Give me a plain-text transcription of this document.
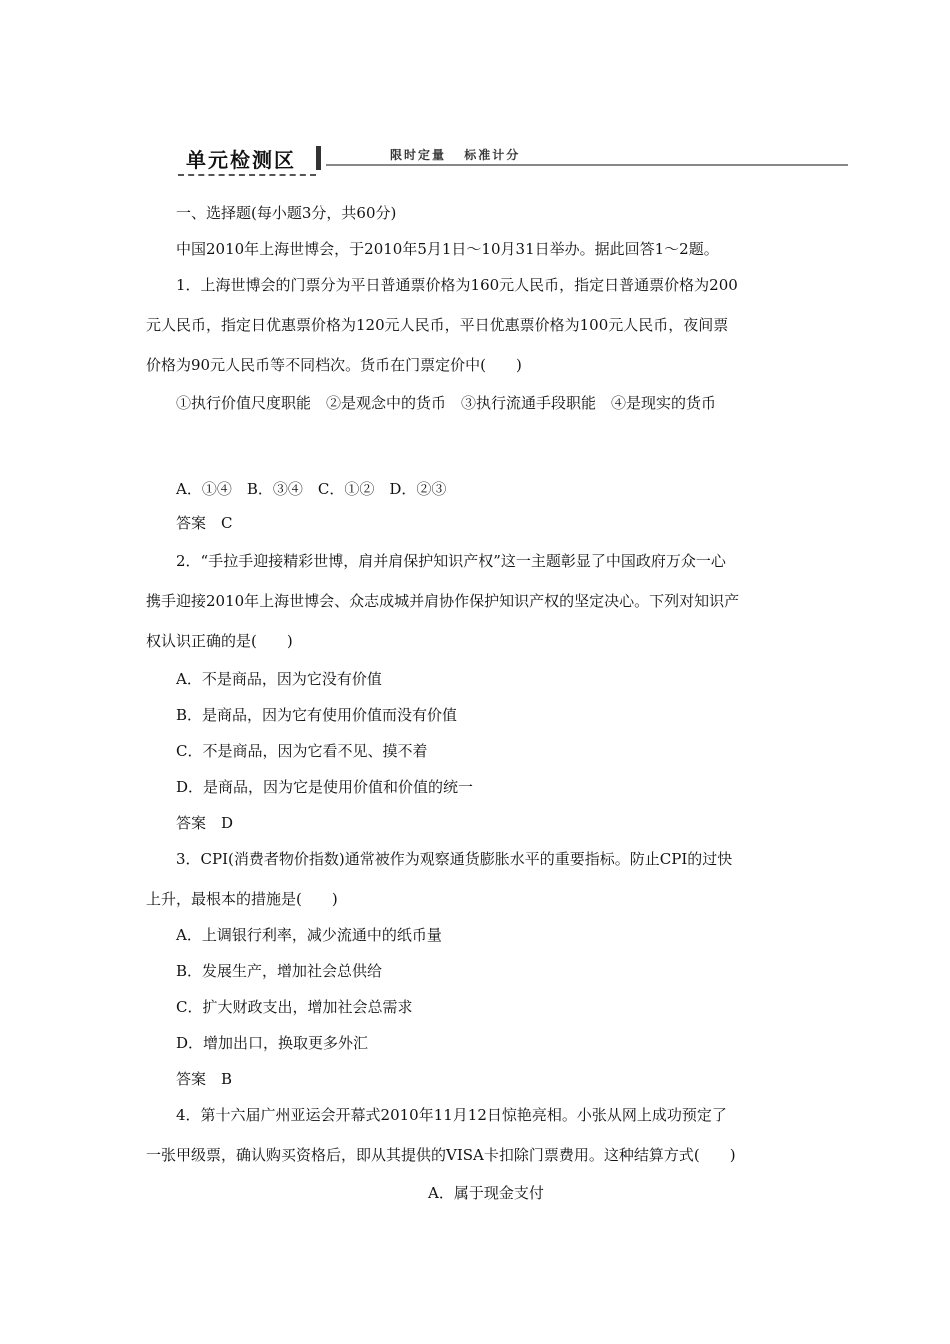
单元检测区	限时定量 标准计分
一、选择题(每小题3分，共60分)
中国2010年上海世博会，于2010年5月1日～10月31日举办。据此回答1～2题。
1．上海世博会的门票分为平日普通票价格为160元人民币，指定日普通票价格为200
元人民币，指定日优惠票价格为120元人民币，平日优惠票价格为100元人民币，夜间票
价格为90元人民币等不同档次。货币在门票定价中(　　)
①执行价值尺度职能　②是观念中的货币　③执行流通手段职能　④是现实的货币
A．①④　B．③④　C．①②　D．②③
答案　C
2．“手拉手迎接精彩世博，肩并肩保护知识产权”这一主题彰显了中国政府万众一心
携手迎接2010年上海世博会、众志成城并肩协作保护知识产权的坚定决心。下列对知识产
权认识正确的是(　　)
A．不是商品，因为它没有价值
B．是商品，因为它有使用价值而没有价值
C．不是商品，因为它看不见、摸不着
D．是商品，因为它是使用价值和价值的统一
答案　D
3．CPI(消费者物价指数)通常被作为观察通货膨胀水平的重要指标。防止CPI的过快
上升，最根本的措施是(　　)
A．上调银行利率，减少流通中的纸币量
B．发展生产，增加社会总供给
C．扩大财政支出，增加社会总需求
D．增加出口，换取更多外汇
答案　B
4．第十六届广州亚运会开幕式2010年11月12日惊艳亮相。小张从网上成功预定了
一张甲级票，确认购买资格后，即从其提供的VISA卡扣除门票费用。这种结算方式(　　)
A．属于现金支付
